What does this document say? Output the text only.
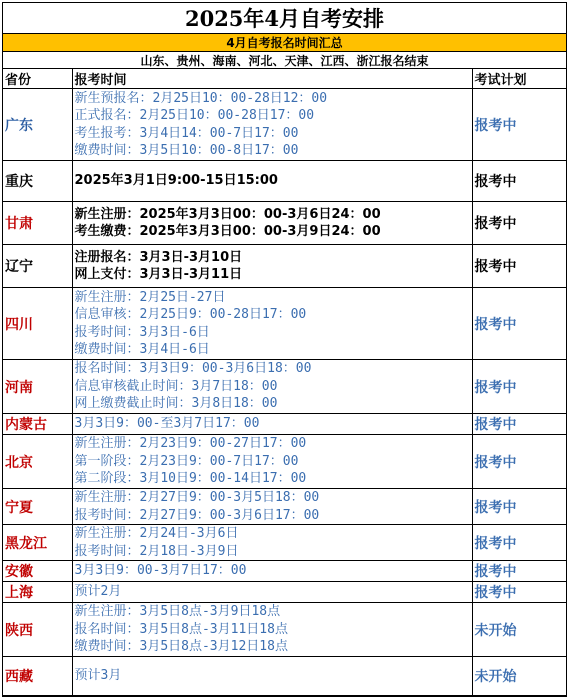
2025年4月自考安排
4月自考报名时间汇总
山东、贵州、海南、河北、天津、江西、浙江报名结束
省份	报考时间	考试计划
广东	新生预报名：2月25日10：00-28日12：00
正式报名：2月25日10：00-28日17：00
考生报考：3月4日14：00-7日17：00
缴费时间：3月5日10：00-8日17：00	报考中
重庆	2025年3月1日9:00-15日15:00	报考中
甘肃	新生注册：2025年3月3日00：00-3月6日24：00
考生缴费：2025年3月3日00：00-3月9日24：00	报考中
辽宁	注册报名：3月3日-3月10日
网上支付：3月3日-3月11日	报考中
四川	新生注册：2月25日-27日
信息审核：2月25日9：00-28日17：00
报考时间：3月3日-6日
缴费时间：3月4日-6日	报考中
河南	报名时间：3月3日9：00-3月6日18：00
信息审核截止时间：3月7日18：00
网上缴费截止时间：3月8日18：00	报考中
内蒙古	3月3日9：00-至3月7日17：00	报考中
北京	新生注册：2月23日9：00-27日17：00
第一阶段：2月23日9：00-7日17：00
第二阶段：3月10日9：00-14日17：00	报考中
宁夏	新生注册：2月27日9：00-3月5日18：00
报考时间：2月27日9：00-3月6日17：00	报考中
黑龙江	新生注册：2月24日-3月6日
报考时间：2月18日-3月9日	报考中
安徽	3月3日9：00-3月7日17：00	报考中
上海	预计2月	报考中
陕西	新生注册：3月5日8点-3月9日18点
报名时间：3月5日8点-3月11日18点
缴费时间：3月5日8点-3月12日18点	未开始
西藏	预计3月	未开始
